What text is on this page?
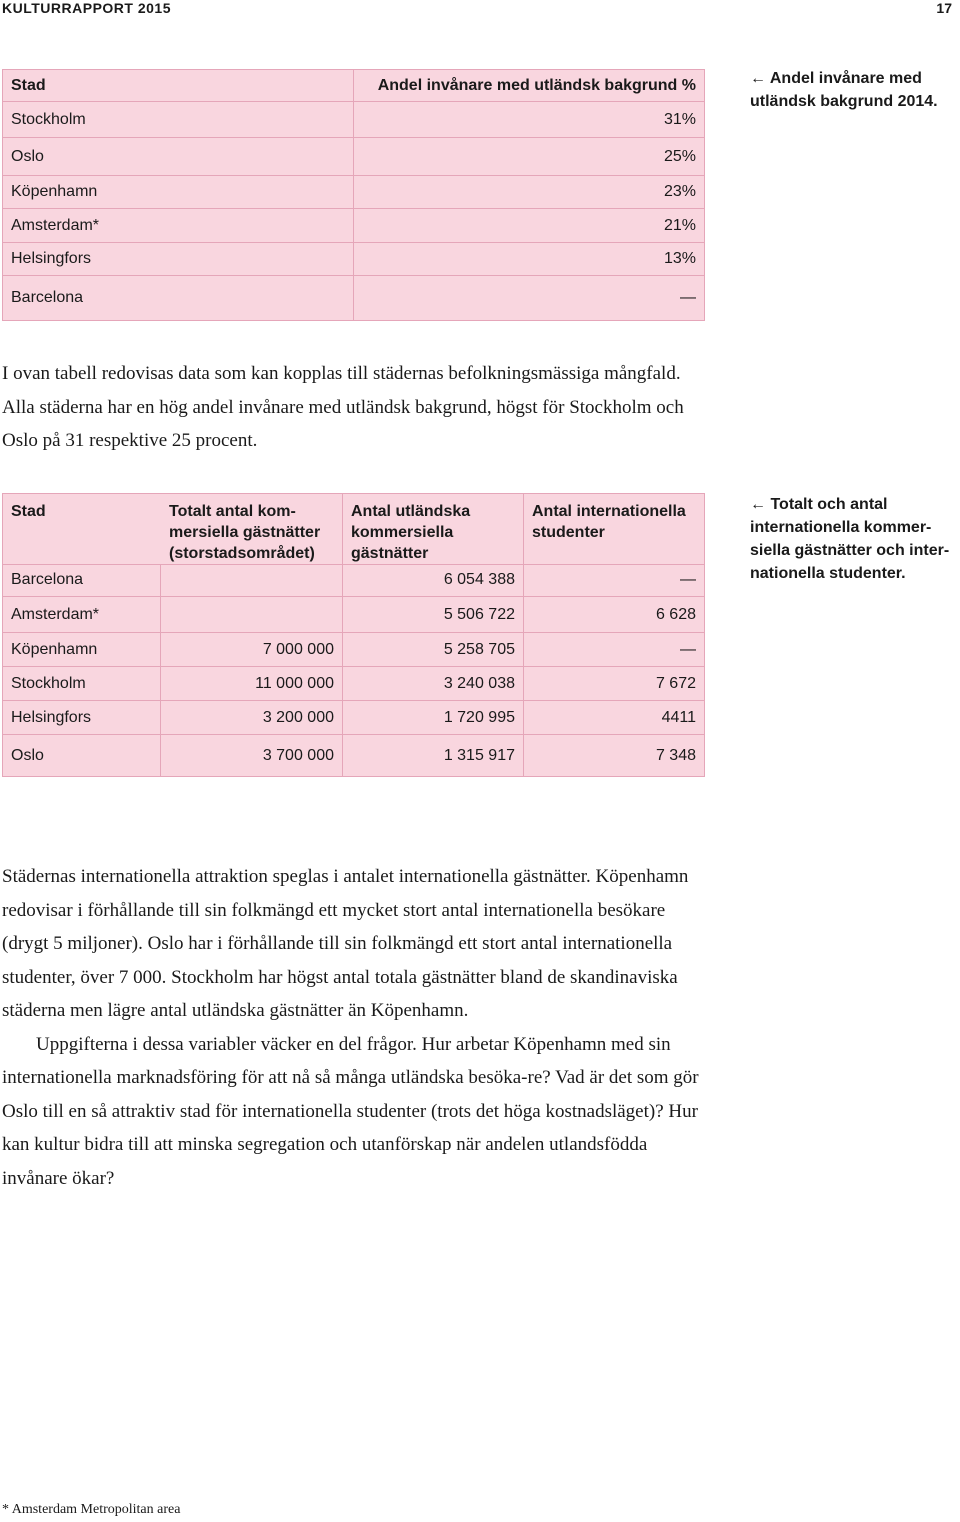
KULTURRAPPORT 2015	17
Stad	Andel invånare med utländsk bakgrund %
Stockholm	31%
Oslo	25%
Köpenhamn	23%
Amsterdam*	21%
Helsingfors	13%
Barcelona	—
← Andel invånare med utländsk bakgrund 2014.

I ovan tabell redovisas data som kan kopplas till städernas befolkningsmässiga mångfald. Alla städerna har en hög andel invånare med utländsk bakgrund, högst för Stockholm och Oslo på 31 respektive 25 procent.

Stad	Totalt antal kom-mersiella gästnätter (storstadsområdet)	Antal utländska kommersiella gästnätter	Antal internationella studenter
Barcelona		6 054 388	—
Amsterdam*		5 506 722	6 628
Köpenhamn	7 000 000	5 258 705	—
Stockholm	11 000 000	3 240 038	7 672
Helsingfors	3 200 000	1 720 995	4411
Oslo	3 700 000	1 315 917	7 348
← Totalt och antal internationella kommer-siella gästnätter och inter-nationella studenter.

Städernas internationella attraktion speglas i antalet internationella gästnätter. Köpenhamn redovisar i förhållande till sin folkmängd ett mycket stort antal internationella besökare (drygt 5 miljoner). Oslo har i förhållande till sin folkmängd ett stort antal internationella studenter, över 7 000. Stockholm har högst antal totala gästnätter bland de skandinaviska städerna men lägre antal utländska gästnätter än Köpenhamn.

Uppgifterna i dessa variabler väcker en del frågor. Hur arbetar Köpenhamn med sin internationella marknadsföring för att nå så många utländska besöka-re? Vad är det som gör Oslo till en så attraktiv stad för internationella studenter (trots det höga kostnadsläget)? Hur kan kultur bidra till att minska segregation och utanförskap när andelen utlandsfödda invånare ökar?

* Amsterdam Metropolitan area
